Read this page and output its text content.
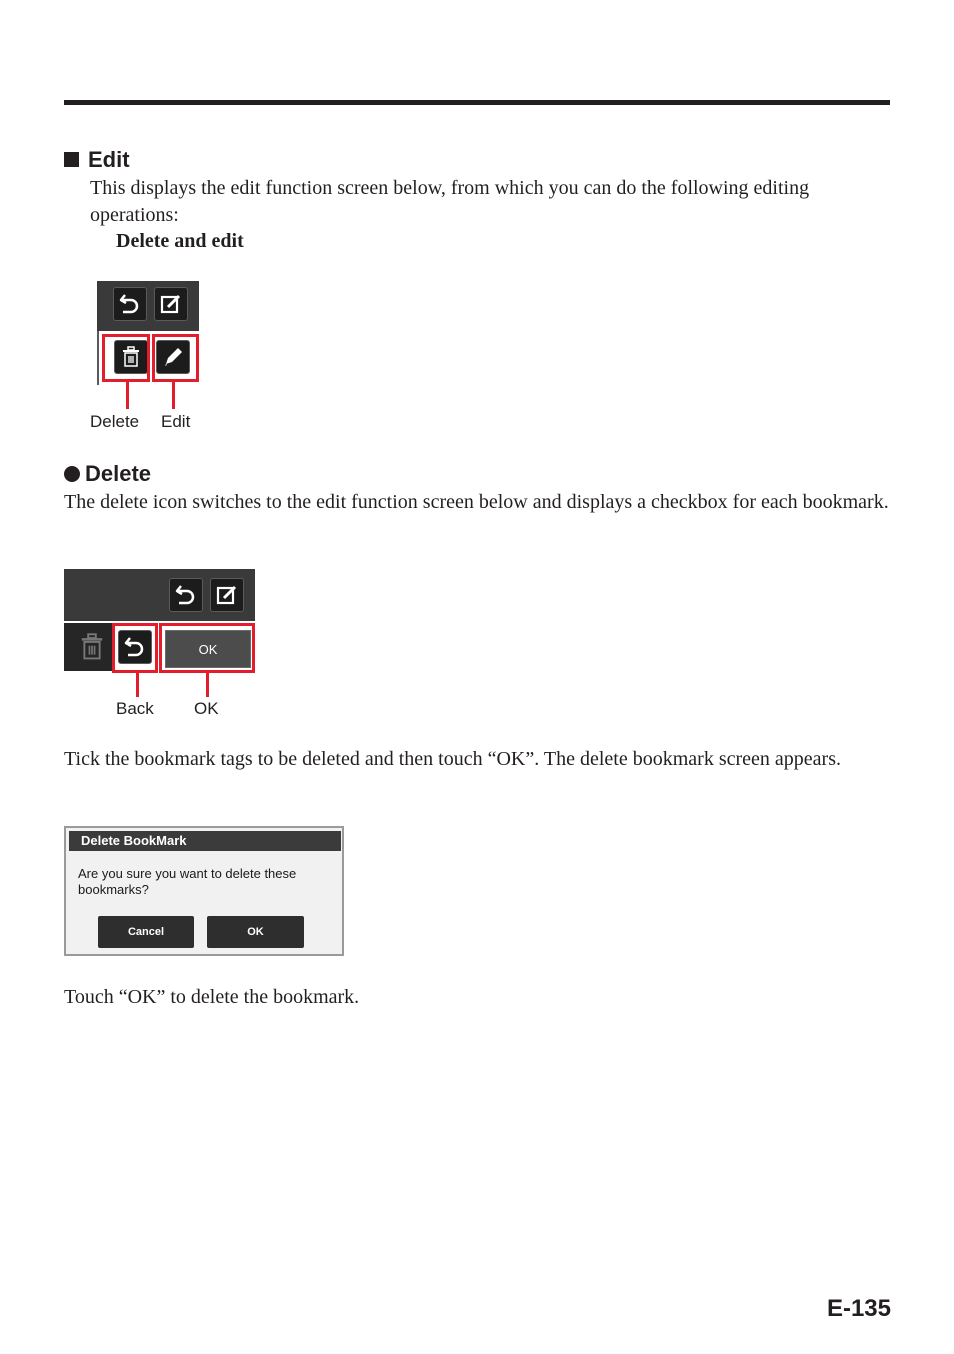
Edit
This displays the edit function screen below, from which you can do the following editing operations:
Delete and edit
Delete Edit
Delete
The delete icon switches to the edit function screen below and displays a checkbox for each bookmark.
OK
Back OK
Tick the bookmark tags to be deleted and then touch “OK”. The delete bookmark screen appears.
Delete BookMark
Are you sure you want to delete these bookmarks?
Cancel	OK
Touch “OK” to delete the bookmark.
E-135
